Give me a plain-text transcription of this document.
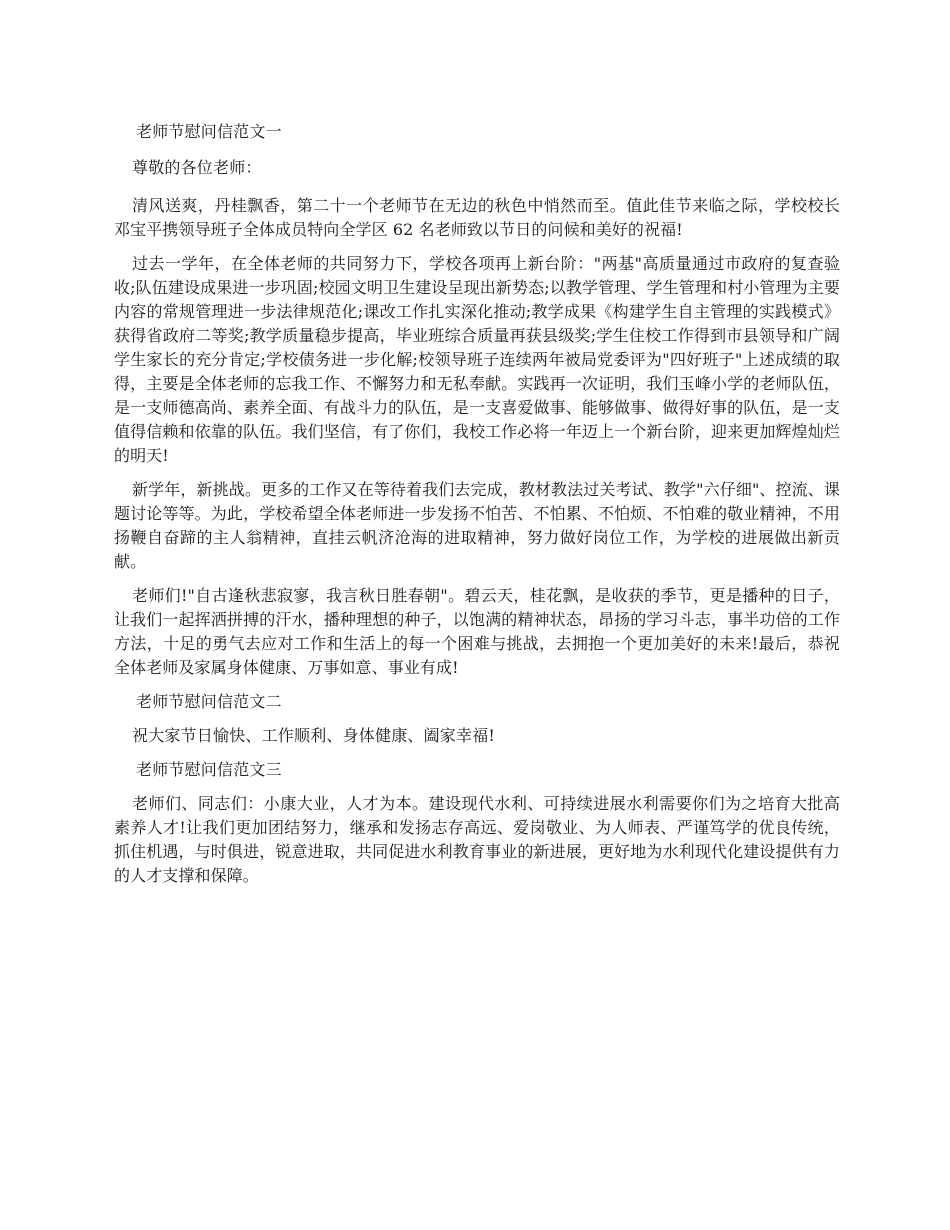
老师节慰问信范文一

尊敬的各位老师：

清风送爽，丹桂飘香，第二十一个老师节在无边的秋色中悄然而至。值此佳节来临之际，学校校长邓宝平携领导班子全体成员特向全学区 62 名老师致以节日的问候和美好的祝福!

过去一学年，在全体老师的共同努力下，学校各项再上新台阶："两基"高质量通过市政府的复查验收;队伍建设成果进一步巩固;校园文明卫生建设呈现出新势态;以教学管理、学生管理和村小管理为主要内容的常规管理进一步法律规范化;课改工作扎实深化推动;教学成果《构建学生自主管理的实践模式》获得省政府二等奖;教学质量稳步提高，毕业班综合质量再获县级奖;学生住校工作得到市县领导和广阔学生家长的充分肯定;学校债务进一步化解;校领导班子连续两年被局党委评为"四好班子"上述成绩的取得，主要是全体老师的忘我工作、不懈努力和无私奉献。实践再一次证明，我们玉峰小学的老师队伍，是一支师德高尚、素养全面、有战斗力的队伍，是一支喜爱做事、能够做事、做得好事的队伍，是一支值得信赖和依靠的队伍。我们坚信，有了你们，我校工作必将一年迈上一个新台阶，迎来更加辉煌灿烂的明天!

新学年，新挑战。更多的工作又在等待着我们去完成，教材教法过关考试、教学"六仔细"、控流、课题讨论等等。为此，学校希望全体老师进一步发扬不怕苦、不怕累、不怕烦、不怕难的敬业精神，不用扬鞭自奋蹄的主人翁精神，直挂云帆济沧海的进取精神，努力做好岗位工作，为学校的进展做出新贡献。

老师们!"自古逢秋悲寂寥，我言秋日胜春朝"。碧云天，桂花飘，是收获的季节，更是播种的日子，让我们一起挥洒拼搏的汗水，播种理想的种子，以饱满的精神状态，昂扬的学习斗志，事半功倍的工作方法，十足的勇气去应对工作和生活上的每一个困难与挑战，去拥抱一个更加美好的未来!最后，恭祝全体老师及家属身体健康、万事如意、事业有成!

老师节慰问信范文二

祝大家节日愉快、工作顺利、身体健康、阖家幸福!

老师节慰问信范文三

老师们、同志们：小康大业，人才为本。建设现代水利、可持续进展水利需要你们为之培育大批高素养人才!让我们更加团结努力，继承和发扬志存高远、爱岗敬业、为人师表、严谨笃学的优良传统，抓住机遇，与时俱进，锐意进取，共同促进水利教育事业的新进展，更好地为水利现代化建设提供有力的人才支撑和保障。
